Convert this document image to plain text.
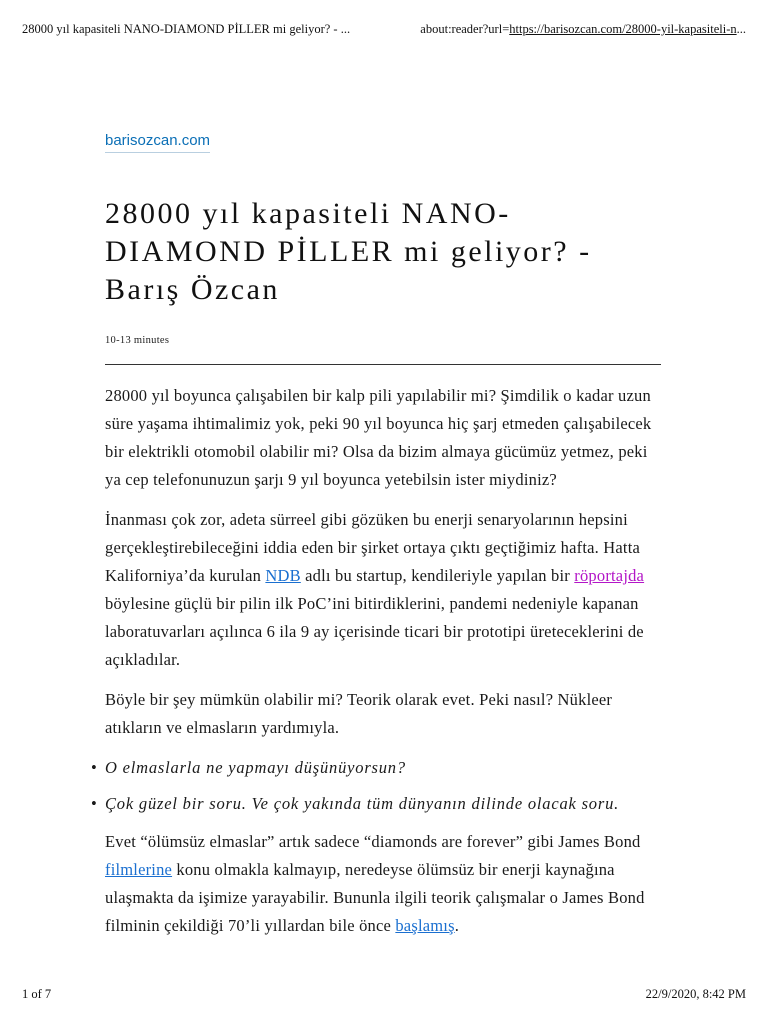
28000 yıl kapasiteli NANO-DIAMOND PİLLER mi geliyor? - ...	about:reader?url=https://barisozcan.com/28000-yil-kapasiteli-n...
barisozcan.com
28000 yıl kapasiteli NANO-DIAMOND PİLLER mi geliyor? - Barış Özcan
10-13 minutes

28000 yıl boyunca çalışabilen bir kalp pili yapılabilir mi? Şimdilik o kadar uzun süre yaşama ihtimalimiz yok, peki 90 yıl boyunca hiç şarj etmeden çalışabilecek bir elektrikli otomobil olabilir mi? Olsa da bizim almaya gücümüz yetmez, peki ya cep telefonunuzun şarjı 9 yıl boyunca yetebilsin ister miydiniz?

İnanması çok zor, adeta sürreel gibi gözüken bu enerji senaryolarının hepsini gerçekleştirebileceğini iddia eden bir şirket ortaya çıktı geçtiğimiz hafta. Hatta Kaliforniya’da kurulan NDB adlı bu startup, kendileriyle yapılan bir röportajda böylesine güçlü bir pilin ilk PoC’ini bitirdiklerini, pandemi nedeniyle kapanan laboratuvarları açılınca 6 ila 9 ay içerisinde ticari bir prototipi üreteceklerini de açıkladılar.

Böyle bir şey mümkün olabilir mi? Teorik olarak evet. Peki nasıl? Nükleer atıkların ve elmasların yardımıyla.

• O elmaslarla ne yapmayı düşünüyorsun?
• Çok güzel bir soru. Ve çok yakında tüm dünyanın dilinde olacak soru.

Evet “ölümsüz elmaslar” artık sadece “diamonds are forever” gibi James Bond filmlerine konu olmakla kalmayıp, neredeyse ölümsüz bir enerji kaynağına ulaşmakta da işimize yarayabilir. Bununla ilgili teorik çalışmalar o James Bond filminin çekildiği 70’li yıllardan bile önce başlamış.

1 of 7	22/9/2020, 8:42 PM
